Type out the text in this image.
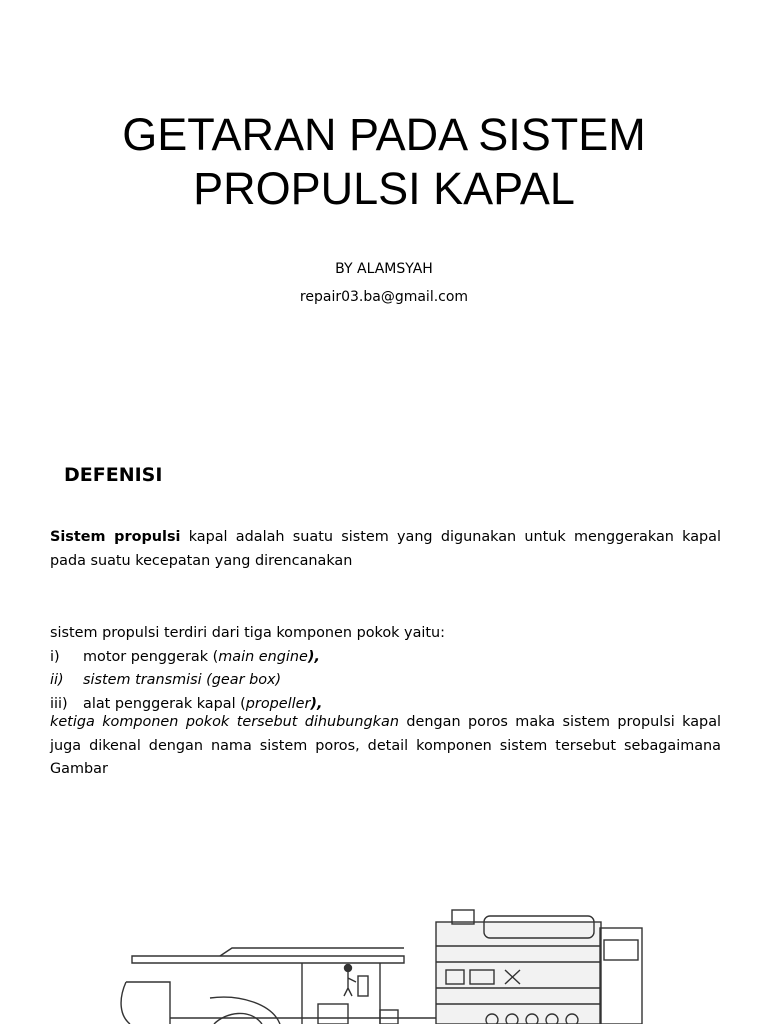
GETARAN PADA SISTEM
PROPULSI KAPAL
BY ALAMSYAH
repair03.ba@gmail.com
DEFENISI
Sistem propulsi kapal adalah suatu sistem yang digunakan untuk menggerakan kapal pada suatu kecepatan yang direncanakan
sistem propulsi terdiri dari tiga komponen pokok yaitu:
i) motor penggerak (main engine),
ii) sistem transmisi (gear box)
iii) alat penggerak kapal (propeller),
ketiga komponen pokok tersebut dihubungkan dengan poros maka sistem propulsi kapal juga dikenal dengan nama sistem poros, detail komponen sistem tersebut sebagaimana Gambar
